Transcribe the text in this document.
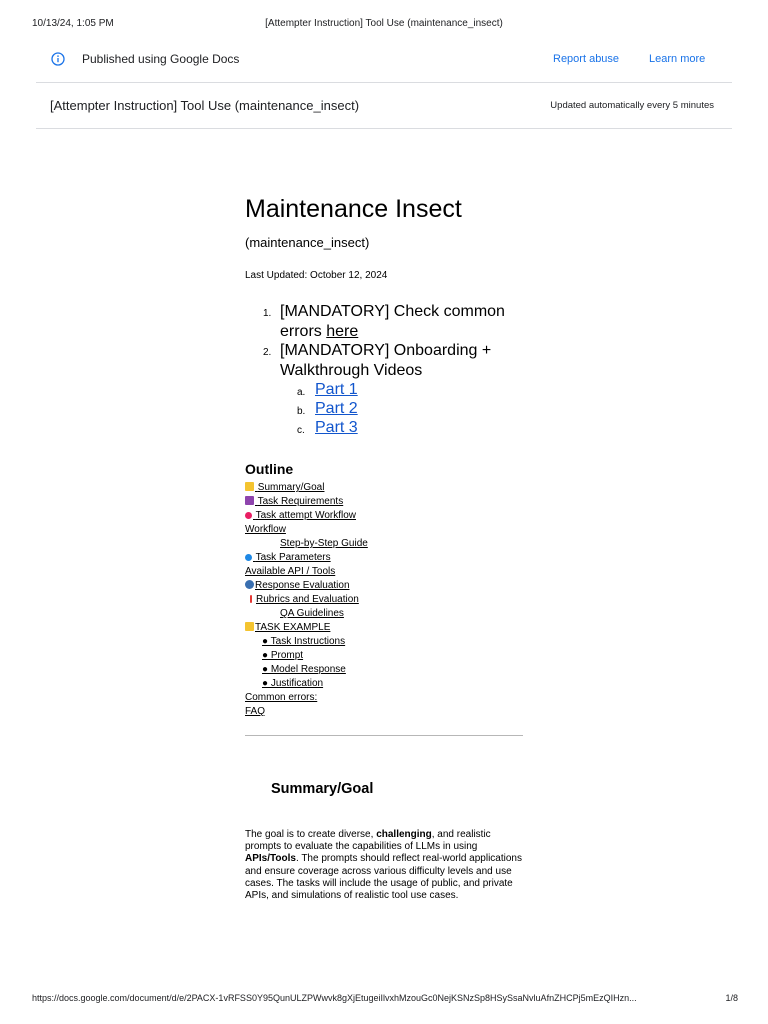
10/13/24, 1:05 PM	[Attempter Instruction] Tool Use (maintenance_insect)
Published using Google Docs	Report abuse	Learn more
[Attempter Instruction] Tool Use (maintenance_insect)	Updated automatically every 5 minutes
Maintenance Insect
(maintenance_insect)
Last Updated: October 12, 2024
1. [MANDATORY] Check common errors here
2. [MANDATORY] Onboarding + Walkthrough Videos
a. Part 1
b. Part 2
c. Part 3
Outline
Summary/Goal
Task Requirements
Task attempt Workflow
Workflow
Step-by-Step Guide
Task Parameters
Available API / Tools
Response Evaluation
Rubrics and Evaluation
QA Guidelines
TASK EXAMPLE
● Task Instructions
● Prompt
● Model Response
● Justification
Common errors:
FAQ
Summary/Goal
The goal is to create diverse, challenging, and realistic prompts to evaluate the capabilities of LLMs in using APIs/Tools. The prompts should reflect real-world applications and ensure coverage across various difficulty levels and use cases. The tasks will include the usage of public, and private APIs, and simulations of realistic tool use cases.
https://docs.google.com/document/d/e/2PACX-1vRFSS0Y95QunULZPWwvk8gXjEtugeiIlvxhMzouGc0NejKSNzSp8HSySsaNvluAfnZHCPj5mEzQIHzn...	1/8
